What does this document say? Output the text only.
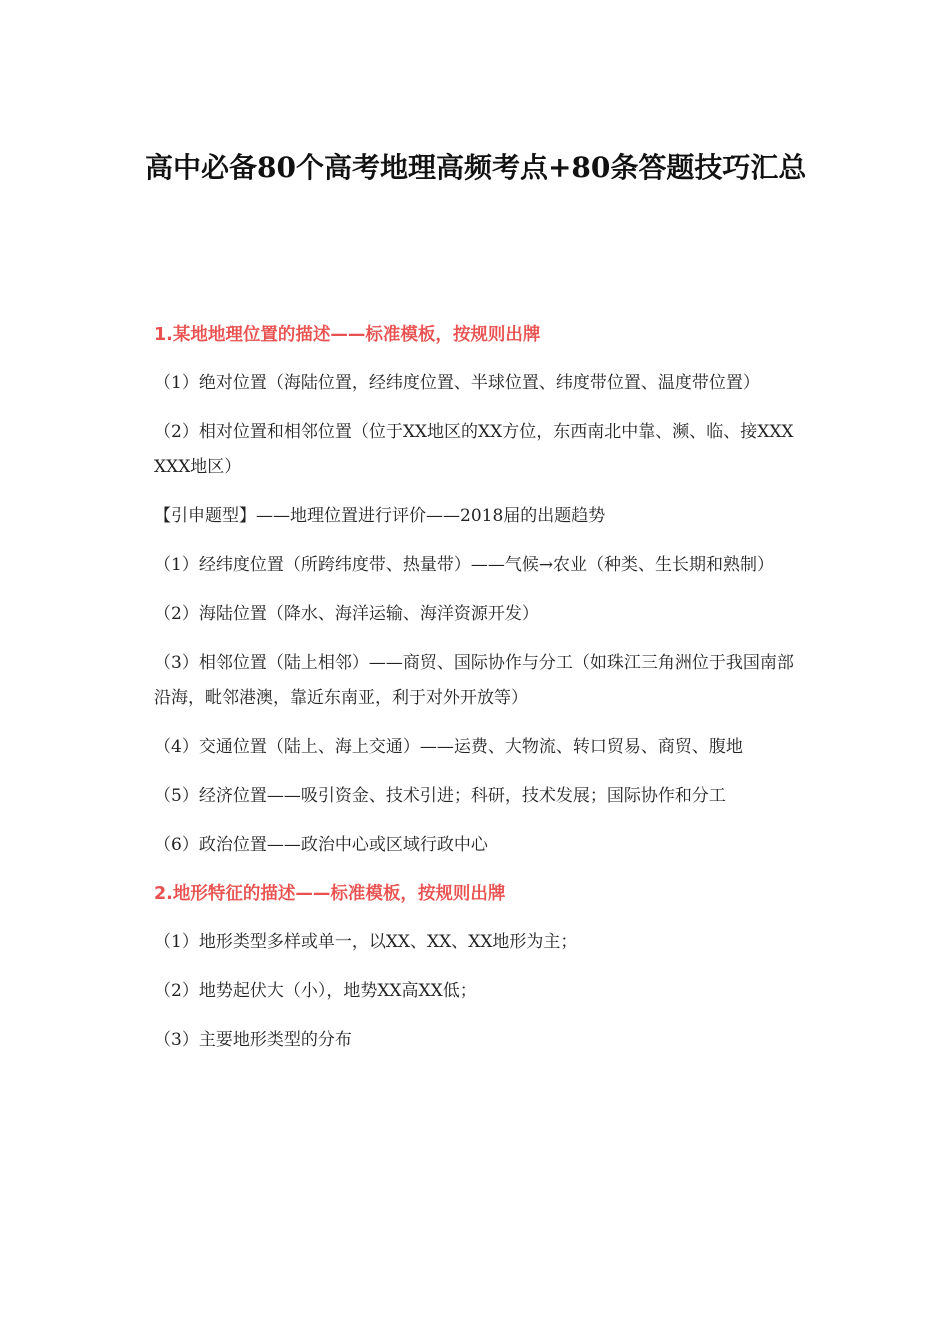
高中必备80个高考地理高频考点+80条答题技巧汇总
1.某地地理位置的描述——标准模板，按规则出牌

（1）绝对位置（海陆位置，经纬度位置、半球位置、纬度带位置、温度带位置）

（2）相对位置和相邻位置（位于XX地区的XX方位，东西南北中靠、濒、临、接XXXXXX地区）

【引申题型】——地理位置进行评价——2018届的出题趋势

（1）经纬度位置（所跨纬度带、热量带）——气候→农业（种类、生长期和熟制）

（2）海陆位置（降水、海洋运输、海洋资源开发）

（3）相邻位置（陆上相邻）——商贸、国际协作与分工（如珠江三角洲位于我国南部沿海，毗邻港澳，靠近东南亚，利于对外开放等）

（4）交通位置（陆上、海上交通）——运费、大物流、转口贸易、商贸、腹地

（5）经济位置——吸引资金、技术引进；科研，技术发展；国际协作和分工

（6）政治位置——政治中心或区域行政中心

2.地形特征的描述——标准模板，按规则出牌

（1）地形类型多样或单一，以XX、XX、XX地形为主；

（2）地势起伏大（小），地势XX高XX低；

（3）主要地形类型的分布
